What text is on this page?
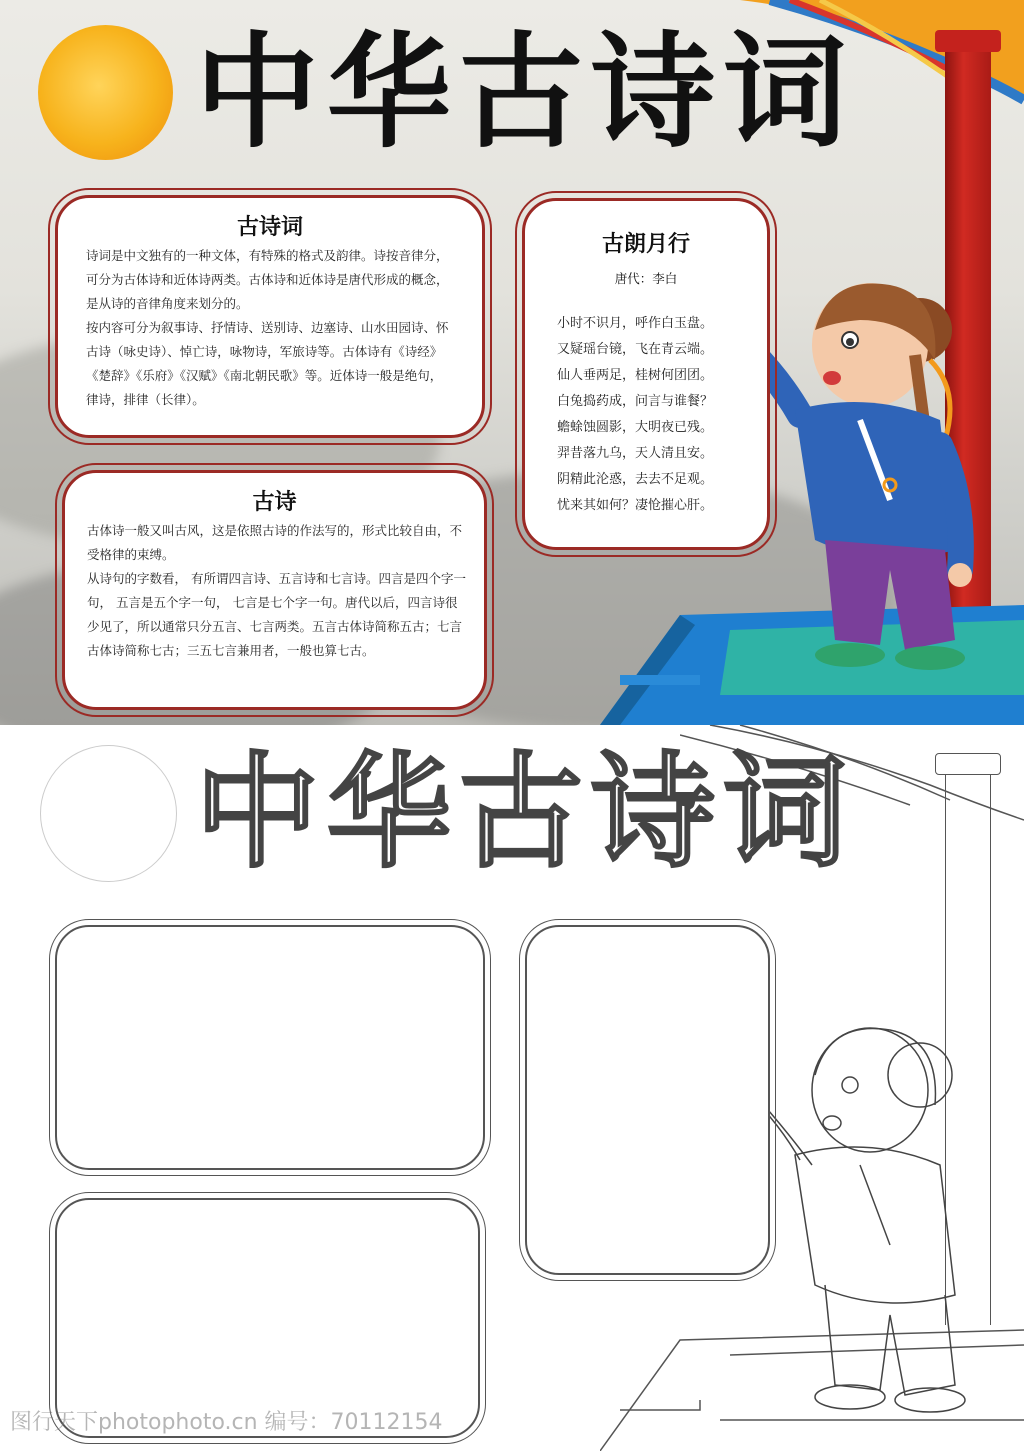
古诗词

诗词是中文独有的一种文体，有特殊的格式及韵律。诗按音律分，可分为古体诗和近体诗两类。古体诗和近体诗是唐代形成的概念，是从诗的音律角度来划分的。

按内容可分为叙事诗、抒情诗、送别诗、边塞诗、山水田园诗、怀古诗（咏史诗）、悼亡诗，咏物诗，军旅诗等。古体诗有《诗经》《楚辞》《乐府》《汉赋》《南北朝民歌》等。近体诗一般是绝句， 律诗，排律（长律）。

古诗

古体诗一般又叫古风，这是依照古诗的作法写的，形式比较自由，不受格律的束缚。

从诗句的字数看， 有所谓四言诗、五言诗和七言诗。四言是四个字一句， 五言是五个字一句， 七言是七个字一句。唐代以后，四言诗很少见了，所以通常只分五言、七言两类。五言古体诗简称五古；七言古体诗简称七古；三五七言兼用者，一般也算七古。

古朗月行
唐代：李白

小时不识月，呼作白玉盘。

又疑瑶台镜，飞在青云端。

仙人垂两足，桂树何团团。

白兔捣药成，问言与谁餐？

蟾蜍蚀圆影，大明夜已残。

羿昔落九乌，天人清且安。

阴精此沦惑，去去不足观。

忧来其如何？凄怆摧心肝。

中华古诗词
中华古诗词
图行天下photophoto.cn 编号：70112154
